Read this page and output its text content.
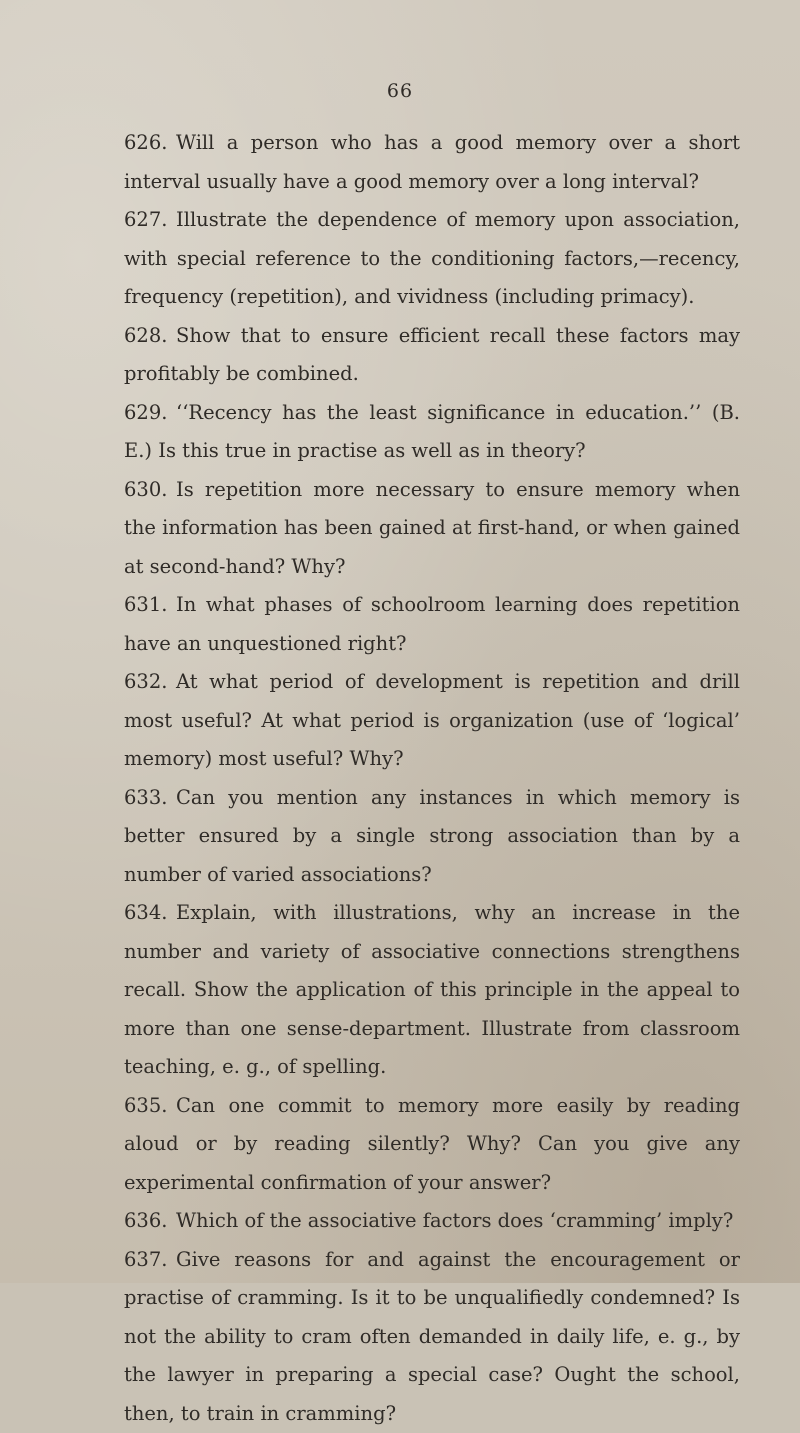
66

626. Will a person who has a good memory over a short interval usually have a good memory over a long interval?

627. Illustrate the dependence of memory upon association, with special reference to the conditioning factors,—recency, frequency (repetition), and vividness (including primacy).

628. Show that to ensure efficient recall these factors may profitably be combined.

629. ‘‘Recency has the least significance in education.’’ (B. E.) Is this true in practise as well as in theory?

630. Is repetition more necessary to ensure memory when the information has been gained at first-hand, or when gained at second-hand? Why?

631. In what phases of schoolroom learning does repetition have an unquestioned right?

632. At what period of development is repetition and drill most useful? At what period is organization (use of ‘logical’ memory) most useful? Why?

633. Can you mention any instances in which memory is better ensured by a single strong association than by a number of varied associations?

634. Explain, with illustrations, why an increase in the number and variety of associative connections strengthens recall. Show the application of this principle in the appeal to more than one sense-department. Illustrate from classroom teaching, e. g., of spelling.

635. Can one commit to memory more easily by reading aloud or by reading silently? Why? Can you give any experimental confirmation of your answer?

636. Which of the associative factors does ‘cramming’ imply?

637. Give reasons for and against the encouragement or practise of cramming. Is it to be unqualifiedly condemned? Is not the ability to cram often demanded in daily life, e. g., by the lawyer in preparing a special case? Ought the school, then, to train in cramming?
